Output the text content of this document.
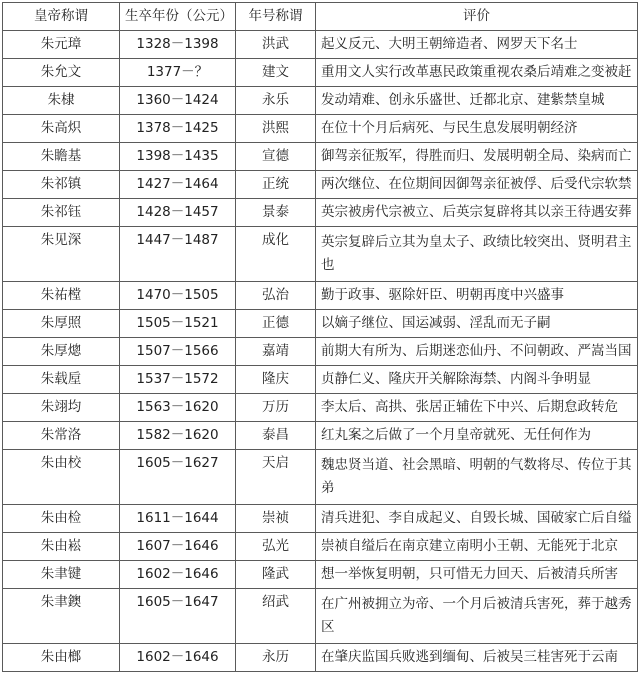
皇帝称谓	生卒年份（公元）	年号称谓	评价
朱元璋	1328－1398	洪武	起义反元、大明王朝缔造者、网罗天下名士
朱允文	1377－？	建文	重用文人实行改革惠民政策重视农桑后靖难之变被赶
朱棣	1360－1424	永乐	发动靖难、创永乐盛世、迁都北京、建紫禁皇城
朱高炽	1378－1425	洪熙	在位十个月后病死、与民生息发展明朝经济
朱瞻基	1398－1435	宣德	御驾亲征叛军，得胜而归、发展明朝全局、染病而亡
朱祁镇	1427－1464	正统	两次继位、在位期间因御驾亲征被俘、后受代宗软禁
朱祁钰	1428－1457	景泰	英宗被虏代宗被立、后英宗复辟将其以亲王待遇安葬
朱见深	1447－1487	成化	英宗复辟后立其为皇太子、政绩比较突出、贤明君主也
朱祐樘	1470－1505	弘治	勤于政事、驱除奸臣、明朝再度中兴盛事
朱厚照	1505－1521	正德	以嫡子继位、国运减弱、淫乱而无子嗣
朱厚熜	1507－1566	嘉靖	前期大有所为、后期迷恋仙丹、不问朝政、严嵩当国
朱载垕	1537－1572	隆庆	贞静仁义、隆庆开关解除海禁、内阁斗争明显
朱翊均	1563－1620	万历	李太后、高拱、张居正辅佐下中兴、后期怠政转危
朱常洛	1582－1620	泰昌	红丸案之后做了一个月皇帝就死、无任何作为
朱由校	1605－1627	天启	魏忠贤当道、社会黑暗、明朝的气数将尽、传位于其弟
朱由检	1611－1644	崇祯	清兵进犯、李自成起义、自毁长城、国破家亡后自缢
朱由崧	1607－1646	弘光	崇祯自缢后在南京建立南明小王朝、无能死于北京
朱聿键	1602－1646	隆武	想一举恢复明朝，只可惜无力回天、后被清兵所害
朱聿鐭	1605－1647	绍武	在广州被拥立为帝、一个月后被清兵害死，葬于越秀区
朱由榔	1602－1646	永历	在肇庆监国兵败逃到缅甸、后被吴三桂害死于云南
